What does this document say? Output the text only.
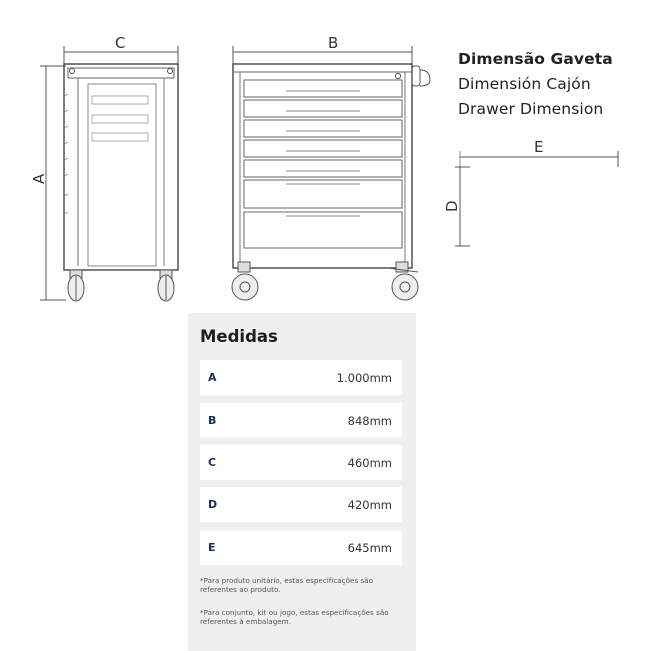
C	B
E
A
D
Dimensão Gaveta
Dimensión Cajón
Drawer Dimension
Medidas
A	1.000mm
B	848mm
C	460mm
D	420mm
E	645mm
*Para produto unitário, estas especificações são referentes ao produto.
*Para conjunto, kit ou jogo, estas especificações são referentes à embalagem.
